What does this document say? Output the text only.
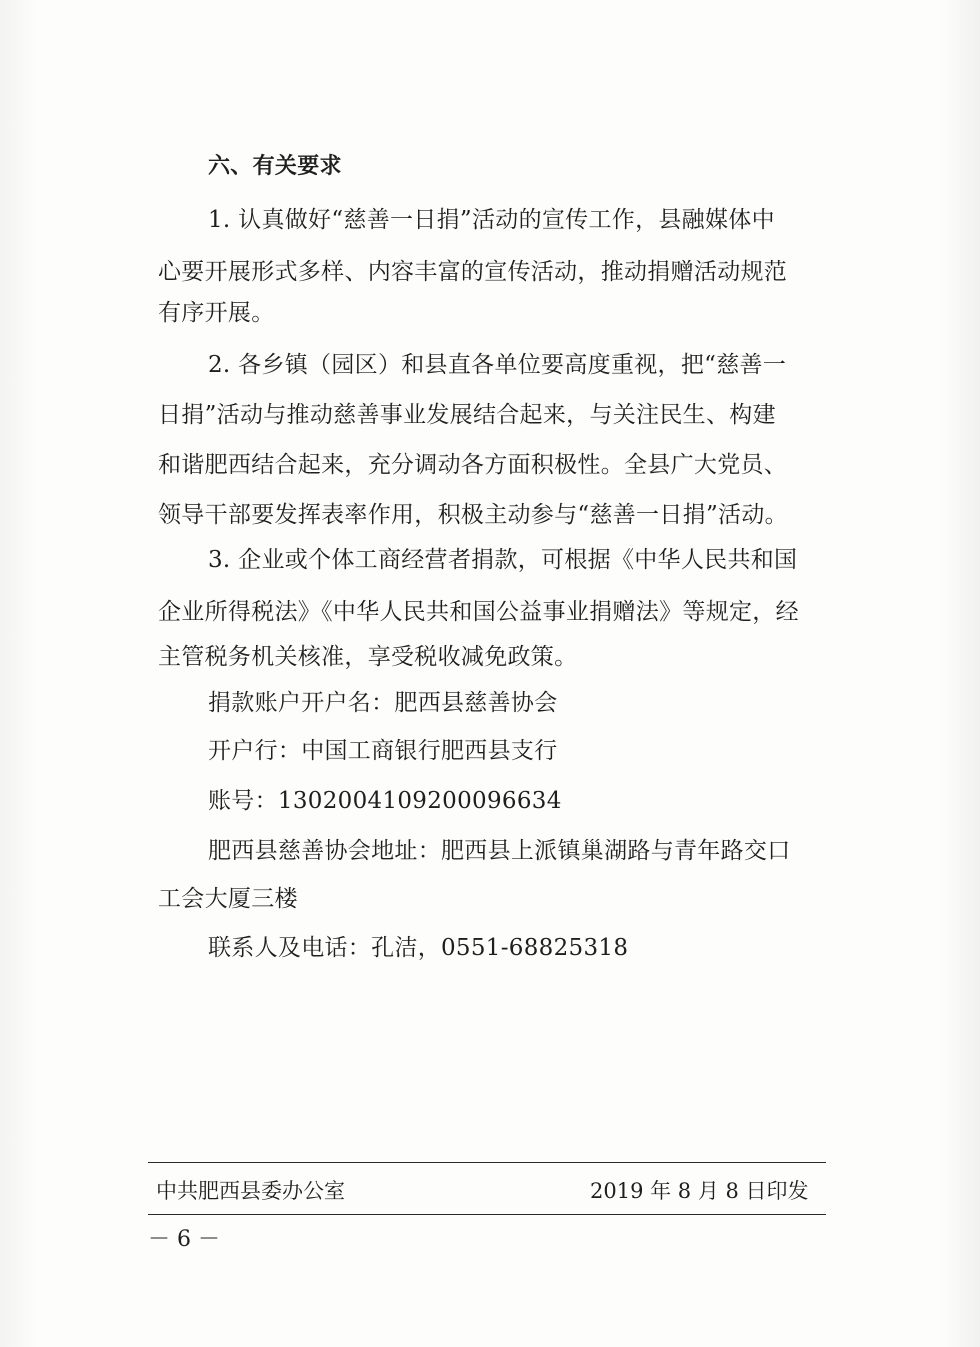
六、有关要求
1. 认真做好“慈善一日捐”活动的宣传工作，县融媒体中
心要开展形式多样、内容丰富的宣传活动，推动捐赠活动规范
有序开展。
2. 各乡镇（园区）和县直各单位要高度重视，把“慈善一
日捐”活动与推动慈善事业发展结合起来，与关注民生、构建
和谐肥西结合起来，充分调动各方面积极性。全县广大党员、
领导干部要发挥表率作用，积极主动参与“慈善一日捐”活动。
3. 企业或个体工商经营者捐款，可根据《中华人民共和国
企业所得税法》《中华人民共和国公益事业捐赠法》等规定，经
主管税务机关核准，享受税收减免政策。
捐款账户开户名：肥西县慈善协会
开户行：中国工商银行肥西县支行
账号：1302004109200096634
肥西县慈善协会地址：肥西县上派镇巢湖路与青年路交口
工会大厦三楼
联系人及电话：孔洁，0551-68825318
中共肥西县委办公室	2019 年 8 月 8 日印发
－ 6 －
